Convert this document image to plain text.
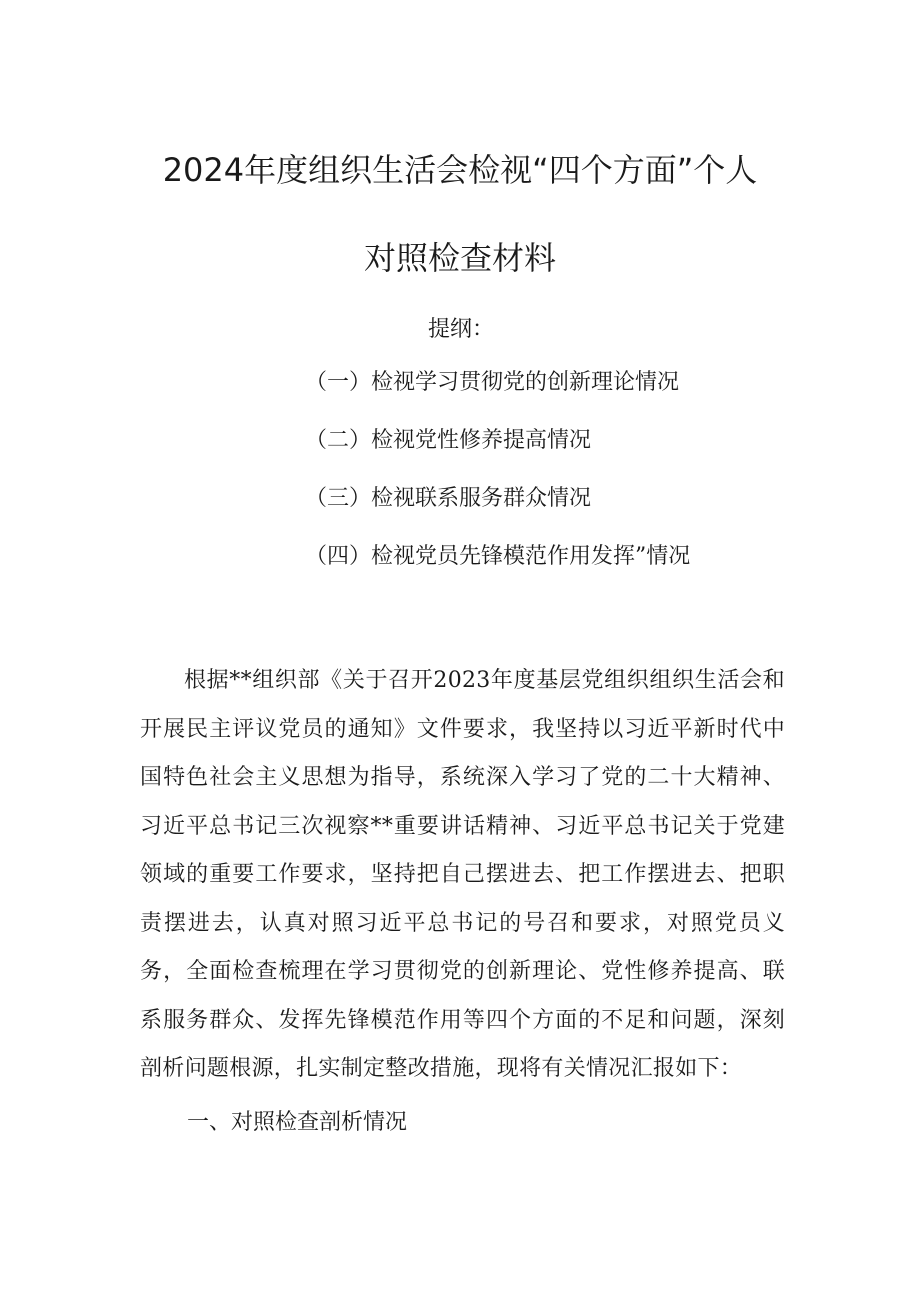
2024年度组织生活会检视“四个方面”个人
对照检查材料
提纲：
（一）检视学习贯彻党的创新理论情况
（二）检视党性修养提高情况
（三）检视联系服务群众情况
（四）检视党员先锋模范作用发挥”情况

根据**组织部《关于召开2023年度基层党组织组织生活会和开展民主评议党员的通知》文件要求，我坚持以习近平新时代中国特色社会主义思想为指导，系统深入学习了党的二十大精神、习近平总书记三次视察**重要讲话精神、习近平总书记关于党建领域的重要工作要求，坚持把自己摆进去、把工作摆进去、把职责摆进去，认真对照习近平总书记的号召和要求，对照党员义务，全面检查梳理在学习贯彻党的创新理论、党性修养提高、联系服务群众、发挥先锋模范作用等四个方面的不足和问题，深刻剖析问题根源，扎实制定整改措施，现将有关情况汇报如下：

一、对照检查剖析情况
